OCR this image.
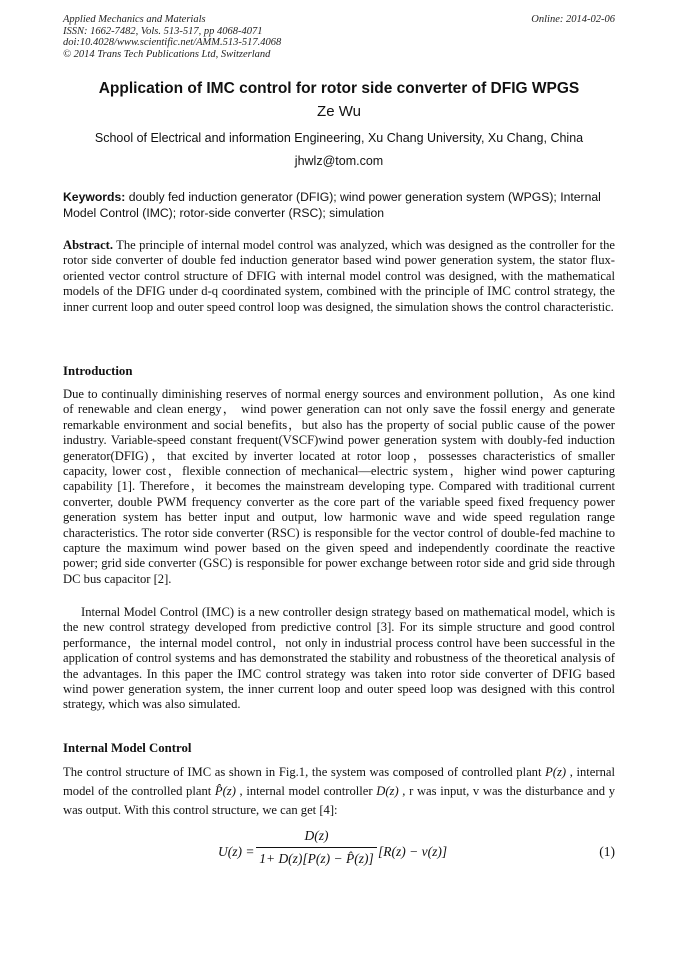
Applied Mechanics and Materials
ISSN: 1662-7482, Vols. 513-517, pp 4068-4071
doi:10.4028/www.scientific.net/AMM.513-517.4068
© 2014 Trans Tech Publications Ltd, Switzerland
Online: 2014-02-06
Application of IMC control for rotor side converter of DFIG WPGS
Ze Wu
School of Electrical and information Engineering, Xu Chang University, Xu Chang, China
jhwlz@tom.com
Keywords: doubly fed induction generator (DFIG); wind power generation system (WPGS); Internal Model Control (IMC); rotor-side converter (RSC); simulation
Abstract. The principle of internal model control was analyzed, which was designed as the controller for the rotor side converter of double fed induction generator based wind power generation system, the stator flux-oriented vector control structure of DFIG with internal model control was designed, with the mathematical models of the DFIG under d-q coordinated system, combined with the principle of IMC control strategy, the inner current loop and outer speed control loop was designed, the simulation shows the control characteristic.
Introduction
Due to continually diminishing reserves of normal energy sources and environment pollution，As one kind of renewable and clean energy， wind power generation can not only save the fossil energy and generate remarkable environment and social benefits，but also has the property of social public cause of the power industry. Variable-speed constant frequent(VSCF)wind power generation system with doubly-fed induction generator(DFIG)，that excited by inverter located at rotor loop，possesses characteristics of smaller capacity, lower cost，flexible connection of mechanical—electric system，higher wind power capturing capability [1]. Therefore，it becomes the mainstream developing type. Compared with traditional current converter, double PWM frequency converter as the core part of the variable speed fixed frequency power generation system has better input and output, low harmonic wave and wide speed regulation range characteristics. The rotor side converter (RSC) is responsible for the vector control of double-fed machine to capture the maximum wind power based on the given speed and independently coordinate the reactive power; grid side converter (GSC) is responsible for power exchange between rotor side and grid side through DC bus capacitor [2].
Internal Model Control (IMC) is a new controller design strategy based on mathematical model, which is the new control strategy developed from predictive control [3]. For its simple structure and good control performance，the internal model control，not only in industrial process control have been successful in the application of control systems and has demonstrated the stability and robustness of the theoretical analysis of the advantages. In this paper the IMC control strategy was taken into rotor side converter of DFIG based wind power generation system, the inner current loop and outer speed loop was designed with this control strategy, which was also simulated.
Internal Model Control
The control structure of IMC as shown in Fig.1, the system was composed of controlled plant P(z) , internal model of the controlled plant P̂(z) , internal model controller D(z) , r was input, v was the disturbance and y was output. With this control structure, we can get [4]:
U(z) =
D(z)
1+ D(z)[P(z) − P̂(z)] [R(z) − v(z)]	(1)
